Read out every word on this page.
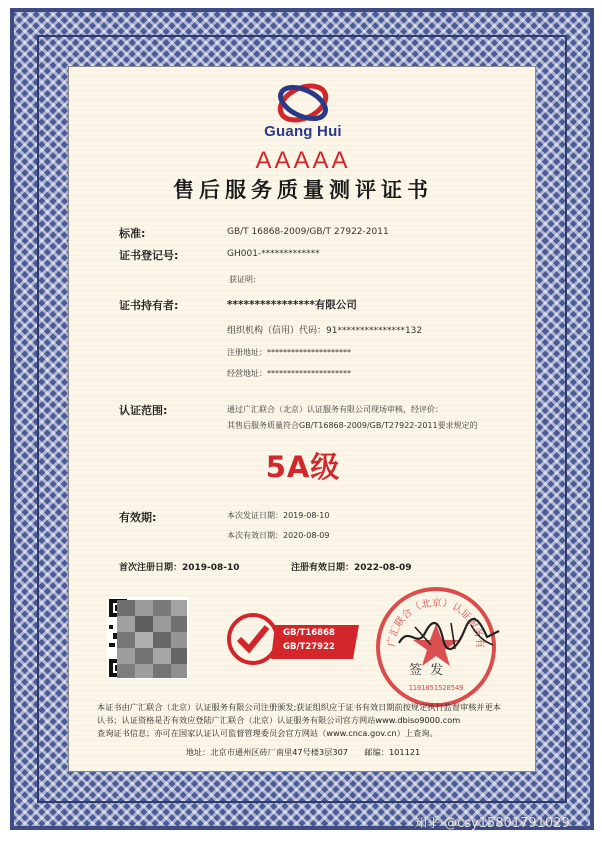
Guang Hui
AAAAA
售后服务质量测评证书
标准:	GB/T 16868-2009/GB/T 27922-2011
证书登记号:	GH001-*************
获证明:
证书持有者:	****************有限公司
组织机构（信用）代码：91***************132
注册地址：*********************
经营地址：*********************
认证范围:	通过广汇联合（北京）认证服务有限公司现场审核，经评价：
其售后服务质量符合GB/T16868-2009/GB/T27922-2011要求规定的
5A级
有效期:	本次发证日期：2019-08-10
本次有效日期：2020-08-09
首次注册日期：2019-08-10	注册有效日期：2022-08-09
GB/T16868
GB/T27922	广汇联合（北京）认证服务有
1101051520549
签 发

本证书由广汇联合（北京）认证服务有限公司注册颁发;获证组织应于证书有效日期前按规定执行监督审核并更本

认书；认证资格是否有效应登陆广汇联合（北京）认证服务有限公司官方网站www.dbiso9000.com

查询证书信息；亦可在国家认证认可监督管理委员会官方网站（www.cnca.gov.cn）上查询。

地址：北京市通州区砖厂南里47号楼3层307　　邮编：101121
知乎 @csy15801791029
